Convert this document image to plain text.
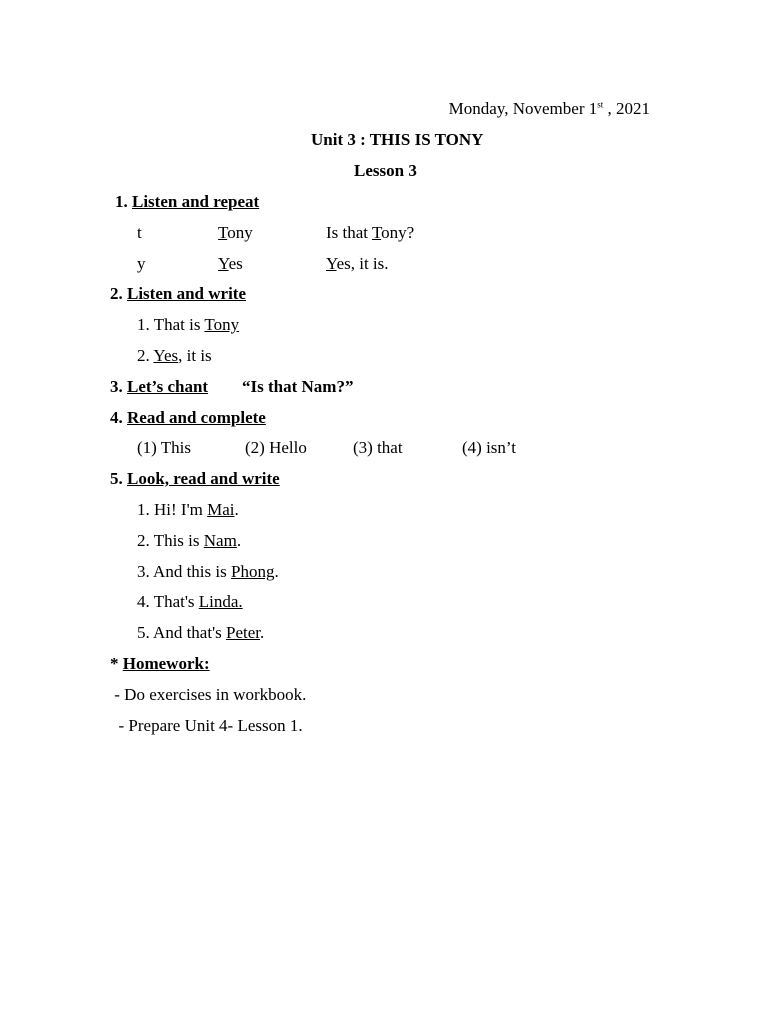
Monday, November 1st , 2021
Unit 3 : THIS IS TONY
Lesson 3
1. Listen and repeat
t	Tony	Is that Tony?
y	Yes	Yes, it is.
2. Listen and write
1. That is Tony
2. Yes, it is
3. Let’s chant “Is that Nam?”
4. Read and complete
(1) This	(2) Hello	(3) that	(4) isn’t
5. Look, read and write
1. Hi! I'm Mai.
2. This is Nam.
3. And this is Phong.
4. That's Linda.
5. And that's Peter.
* Homework:
- Do exercises in workbook.
- Prepare Unit 4- Lesson 1.
